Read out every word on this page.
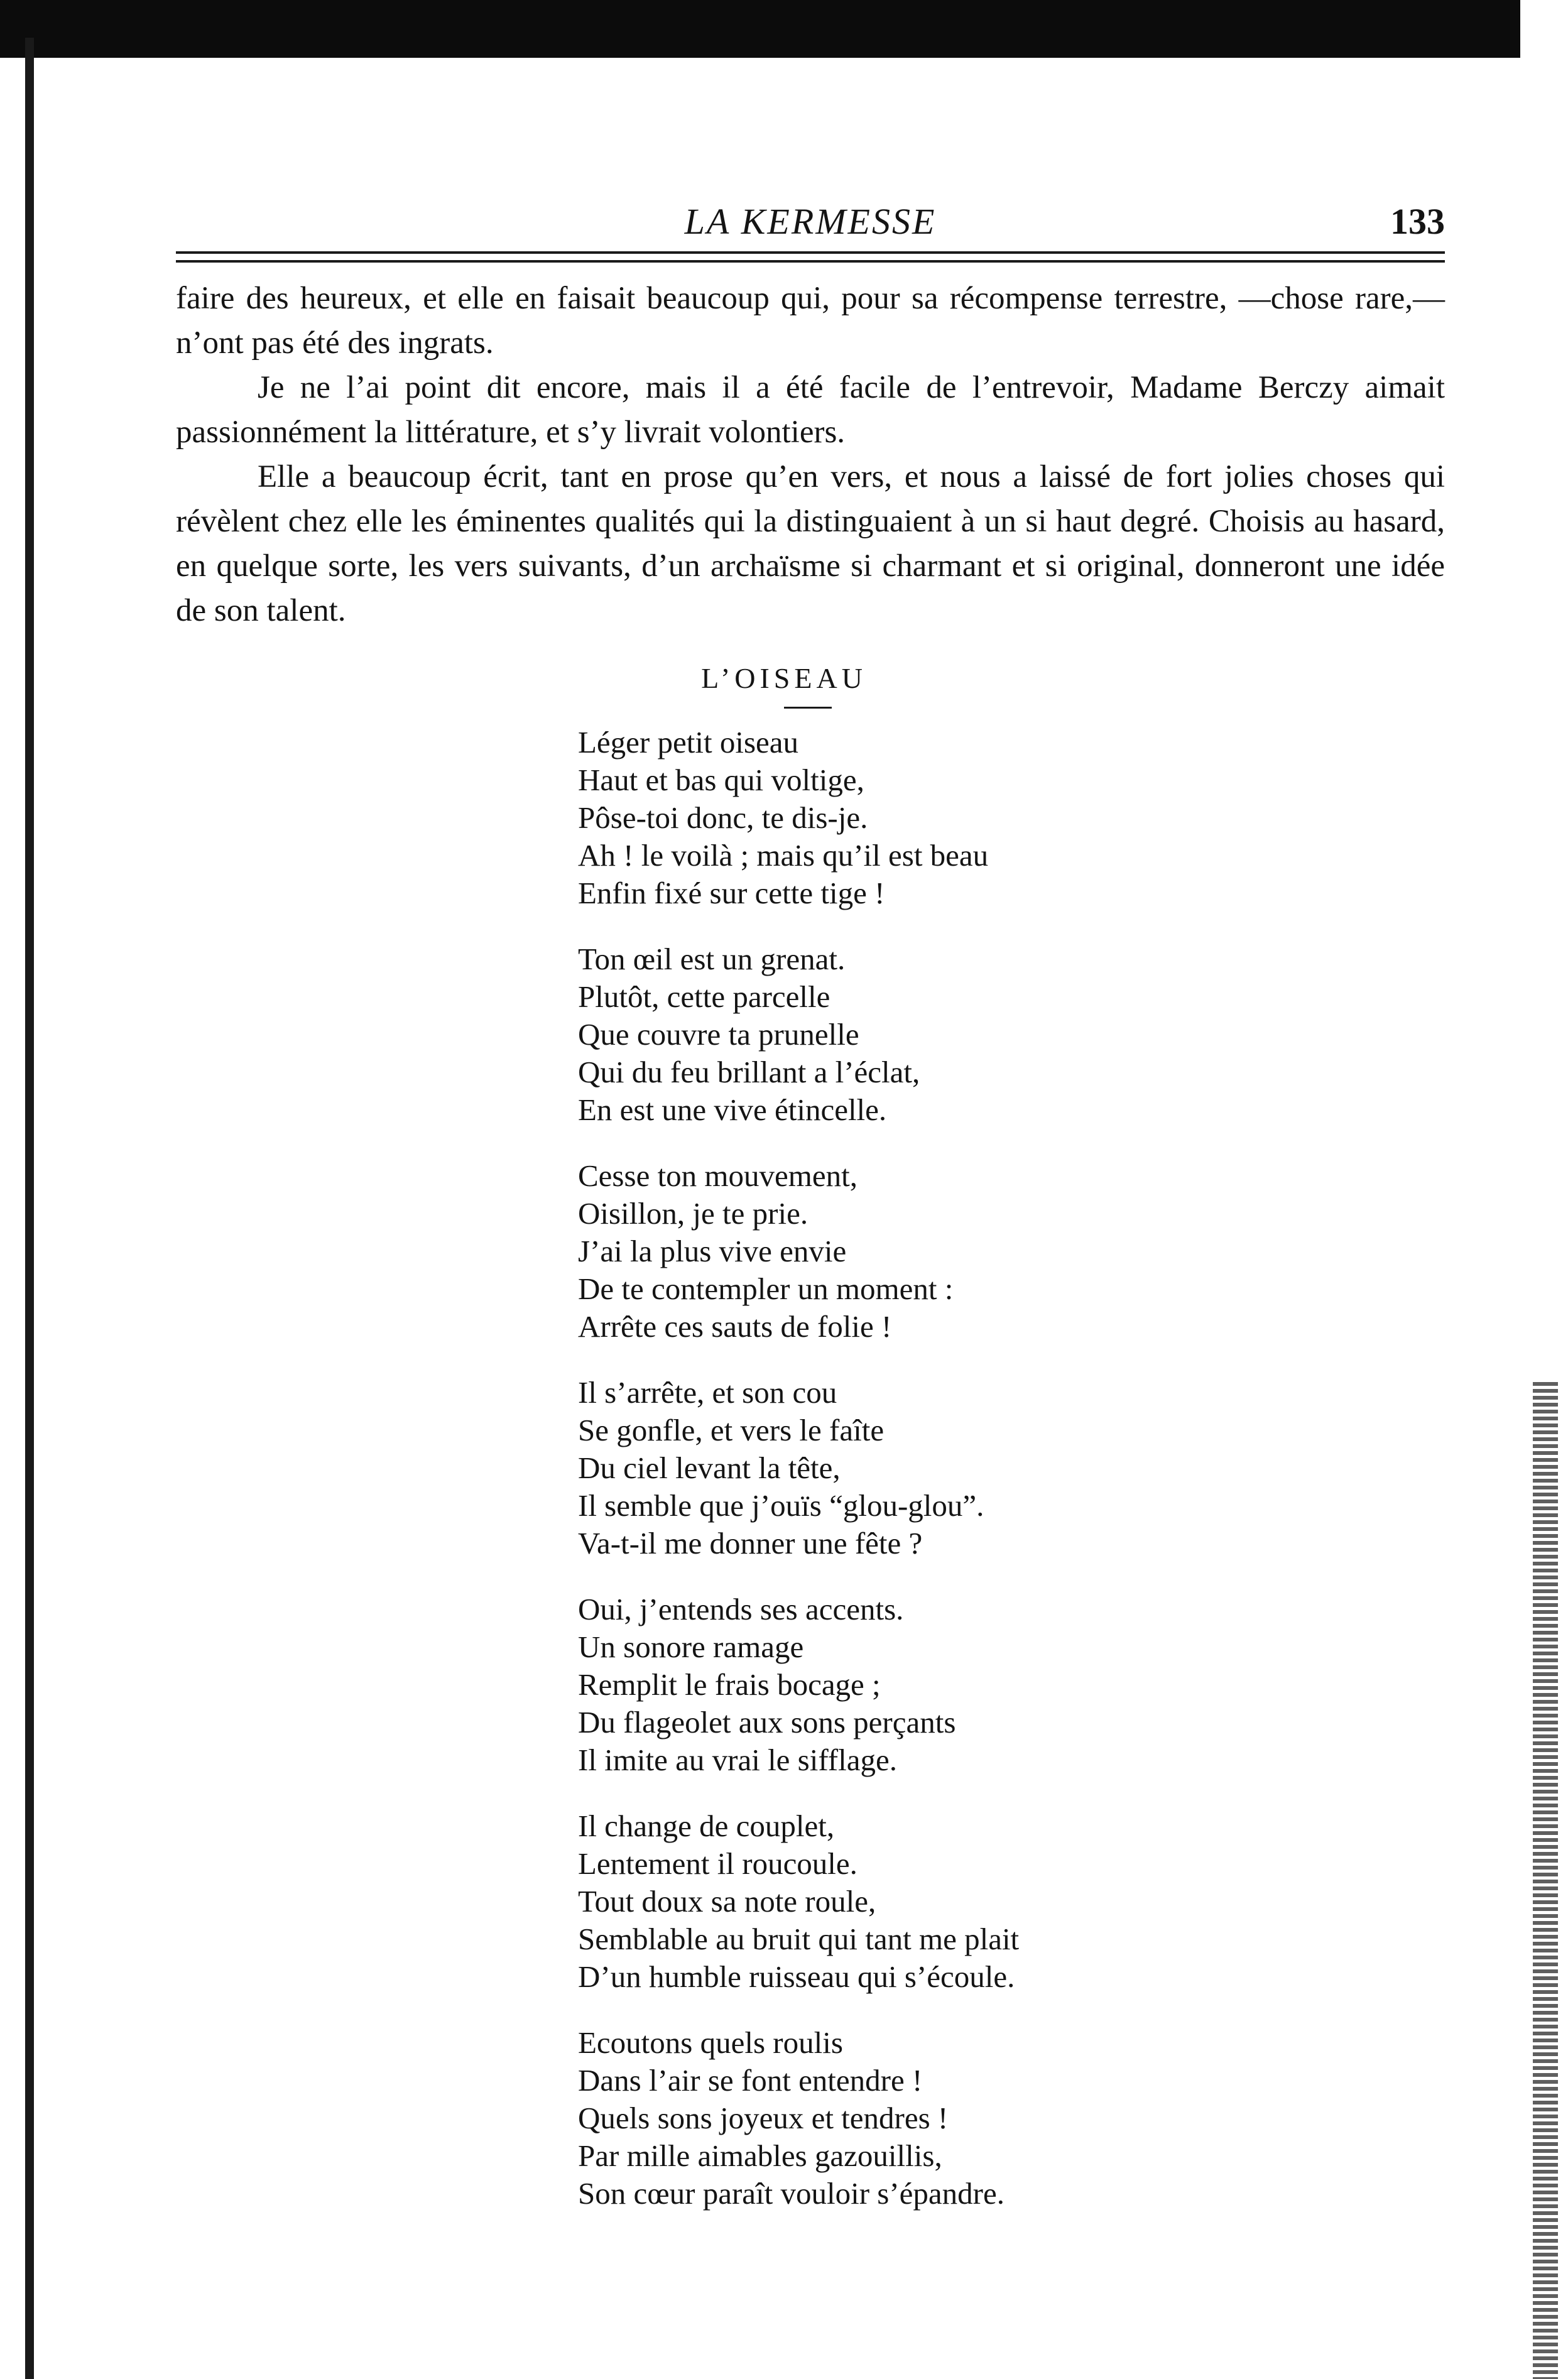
LA KERMESSE	133

faire des heureux, et elle en faisait beaucoup qui, pour sa récompense terrestre, —chose rare,—n’ont pas été des ingrats.

Je ne l’ai point dit encore, mais il a été facile de l’entrevoir, Madame Berczy aimait passionnément la littérature, et s’y livrait volontiers.

Elle a beaucoup écrit, tant en prose qu’en vers, et nous a laissé de fort jolies choses qui révèlent chez elle les éminentes qualités qui la distinguaient à un si haut degré. Choisis au hasard, en quelque sorte, les vers suivants, d’un archaïsme si charmant et si original, donneront une idée de son talent.

L’OISEAU
Léger petit oiseau
Haut et bas qui voltige,
Pôse-toi donc, te dis-je.
Ah ! le voilà ; mais qu’il est beau
Enfin fixé sur cette tige !
Ton œil est un grenat.
Plutôt, cette parcelle
Que couvre ta prunelle
Qui du feu brillant a l’éclat,
En est une vive étincelle.
Cesse ton mouvement,
Oisillon, je te prie.
J’ai la plus vive envie
De te contempler un moment :
Arrête ces sauts de folie !
Il s’arrête, et son cou
Se gonfle, et vers le faîte
Du ciel levant la tête,
Il semble que j’ouïs “glou-glou”.
Va-t-il me donner une fête ?
Oui, j’entends ses accents.
Un sonore ramage
Remplit le frais bocage ;
Du flageolet aux sons perçants
Il imite au vrai le sifflage.
Il change de couplet,
Lentement il roucoule.
Tout doux sa note roule,
Semblable au bruit qui tant me plait
D’un humble ruisseau qui s’écoule.
Ecoutons quels roulis
Dans l’air se font entendre !
Quels sons joyeux et tendres !
Par mille aimables gazouillis,
Son cœur paraît vouloir s’épandre.
